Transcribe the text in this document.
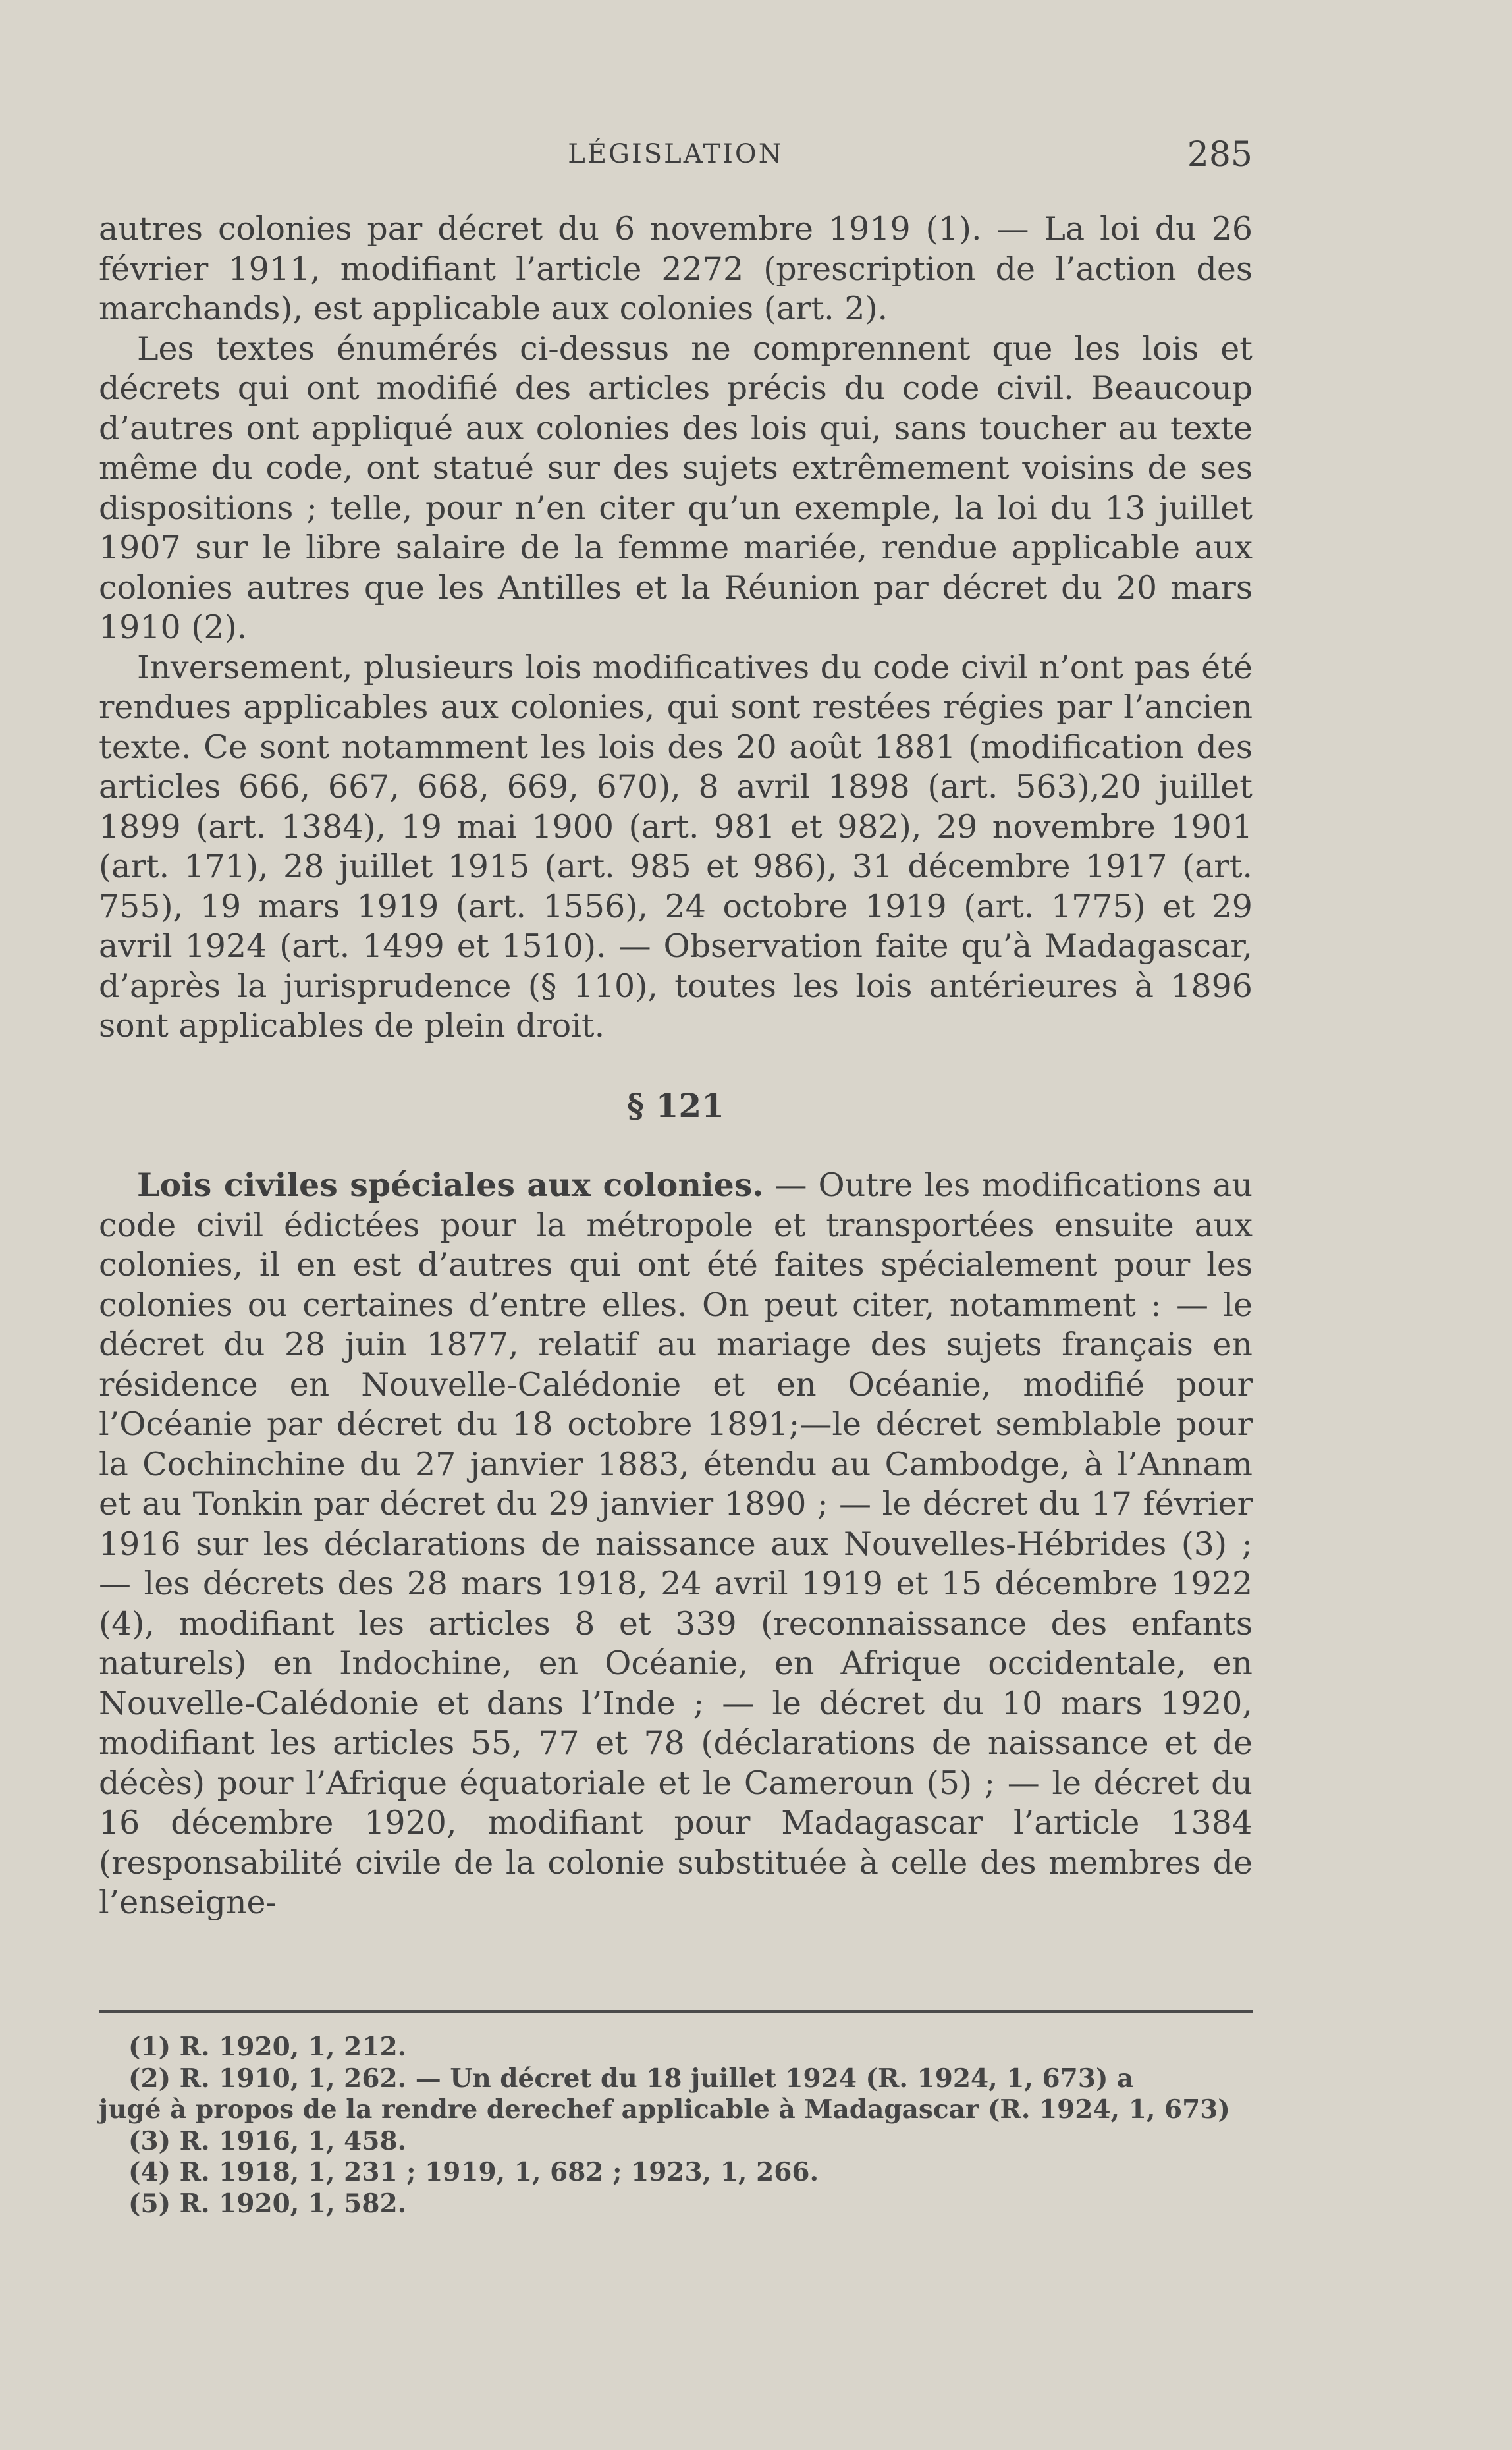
LÉGISLATION	285

autres colonies par décret du 6 novembre 1919 (1). — La loi du 26 février 1911, modifiant l’article 2272 (prescription de l’action des marchands), est applicable aux colonies (art. 2).

Les textes énumérés ci-dessus ne comprennent que les lois et décrets qui ont modifié des articles précis du code civil. Beaucoup d’autres ont appliqué aux colonies des lois qui, sans toucher au texte même du code, ont statué sur des sujets extrêmement voisins de ses dispositions ; telle, pour n’en citer qu’un exemple, la loi du 13 juillet 1907 sur le libre salaire de la femme mariée, rendue applicable aux colonies autres que les Antilles et la Réunion par décret du 20 mars 1910 (2).

Inversement, plusieurs lois modificatives du code civil n’ont pas été rendues applicables aux colonies, qui sont restées régies par l’ancien texte. Ce sont notamment les lois des 20 août 1881 (modification des articles 666, 667, 668, 669, 670), 8 avril 1898 (art. 563),20 juillet 1899 (art. 1384), 19 mai 1900 (art. 981 et 982), 29 novembre 1901 (art. 171), 28 juillet 1915 (art. 985 et 986), 31 décembre 1917 (art. 755), 19 mars 1919 (art. 1556), 24 octobre 1919 (art. 1775) et 29 avril 1924 (art. 1499 et 1510). — Observation faite qu’à Madagascar, d’après la jurisprudence (§ 110), toutes les lois antérieures à 1896 sont applicables de plein droit.

§ 121

Lois civiles spéciales aux colonies. — Outre les modifications au code civil édictées pour la métropole et transportées ensuite aux colonies, il en est d’autres qui ont été faites spécialement pour les colonies ou certaines d’entre elles. On peut citer, notamment : — le décret du 28 juin 1877, relatif au mariage des sujets français en résidence en Nouvelle-Calédonie et en Océanie, modifié pour l’Océanie par décret du 18 octobre 1891;—le décret semblable pour la Cochinchine du 27 janvier 1883, étendu au Cambodge, à l’Annam et au Tonkin par décret du 29 janvier 1890 ; — le décret du 17 février 1916 sur les déclarations de naissance aux Nouvelles-Hébrides (3) ; — les décrets des 28 mars 1918, 24 avril 1919 et 15 décembre 1922 (4), modifiant les articles 8 et 339 (reconnaissance des enfants naturels) en Indochine, en Océanie, en Afrique occidentale, en Nouvelle-Calédonie et dans l’Inde ; — le décret du 10 mars 1920, modifiant les articles 55, 77 et 78 (déclarations de naissance et de décès) pour l’Afrique équatoriale et le Cameroun (5) ; — le décret du 16 décembre 1920, modifiant pour Madagascar l’article 1384 (responsabilité civile de la colonie substituée à celle des membres de l’enseigne-

(1) R. 1920, 1, 212.

(2) R. 1910, 1, 262. — Un décret du 18 juillet 1924 (R. 1924, 1, 673) a

jugé à propos de la rendre derechef applicable à Madagascar (R. 1924, 1, 673)

(3) R. 1916, 1, 458.

(4) R. 1918, 1, 231 ; 1919, 1, 682 ; 1923, 1, 266.

(5) R. 1920, 1, 582.
